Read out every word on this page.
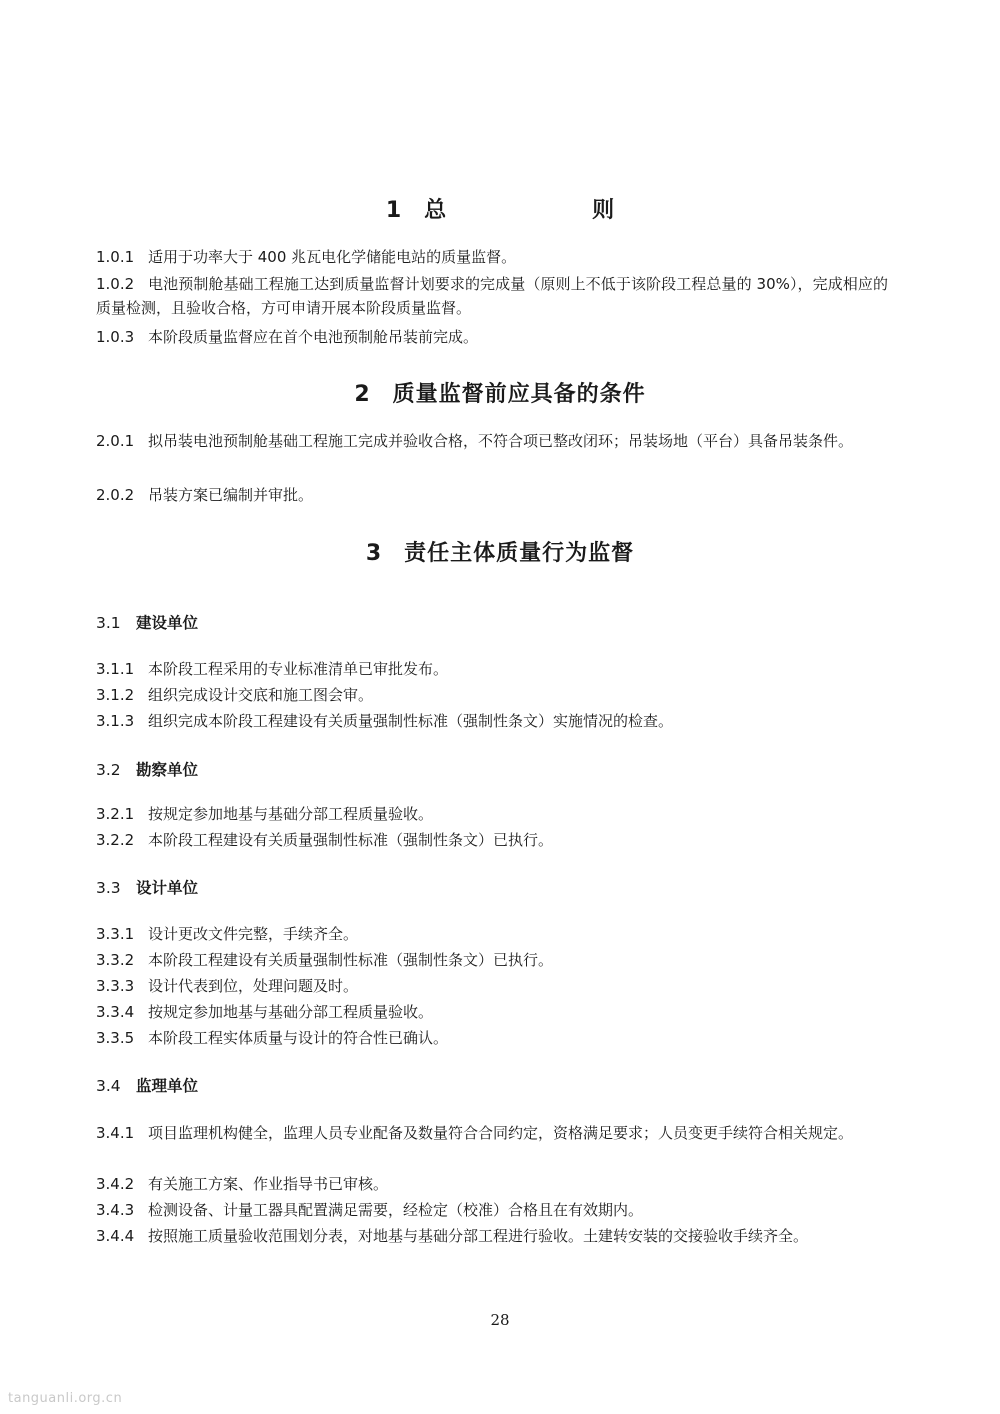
1 总　则
1.0.1 适用于功率大于 400 兆瓦电化学储能电站的质量监督。
1.0.2 电池预制舱基础工程施工达到质量监督计划要求的完成量（原则上不低于该阶段工程总量的 30%），完成相应的质量检测，且验收合格，方可申请开展本阶段质量监督。
1.0.3 本阶段质量监督应在首个电池预制舱吊装前完成。
2 质量监督前应具备的条件
2.0.1 拟吊装电池预制舱基础工程施工完成并验收合格，不符合项已整改闭环；吊装场地（平台）具备吊装条件。
2.0.2 吊装方案已编制并审批。
3 责任主体质量行为监督
3.1 建设单位
3.1.1 本阶段工程采用的专业标准清单已审批发布。
3.1.2 组织完成设计交底和施工图会审。
3.1.3 组织完成本阶段工程建设有关质量强制性标准（强制性条文）实施情况的检查。
3.2 勘察单位
3.2.1 按规定参加地基与基础分部工程质量验收。
3.2.2 本阶段工程建设有关质量强制性标准（强制性条文）已执行。
3.3 设计单位
3.3.1 设计更改文件完整，手续齐全。
3.3.2 本阶段工程建设有关质量强制性标准（强制性条文）已执行。
3.3.3 设计代表到位，处理问题及时。
3.3.4 按规定参加地基与基础分部工程质量验收。
3.3.5 本阶段工程实体质量与设计的符合性已确认。
3.4 监理单位
3.4.1 项目监理机构健全，监理人员专业配备及数量符合合同约定，资格满足要求；人员变更手续符合相关规定。
3.4.2 有关施工方案、作业指导书已审核。
3.4.3 检测设备、计量工器具配置满足需要，经检定（校准）合格且在有效期内。
3.4.4 按照施工质量验收范围划分表，对地基与基础分部工程进行验收。土建转安装的交接验收手续齐全。
28
tanguanli.org.cn
